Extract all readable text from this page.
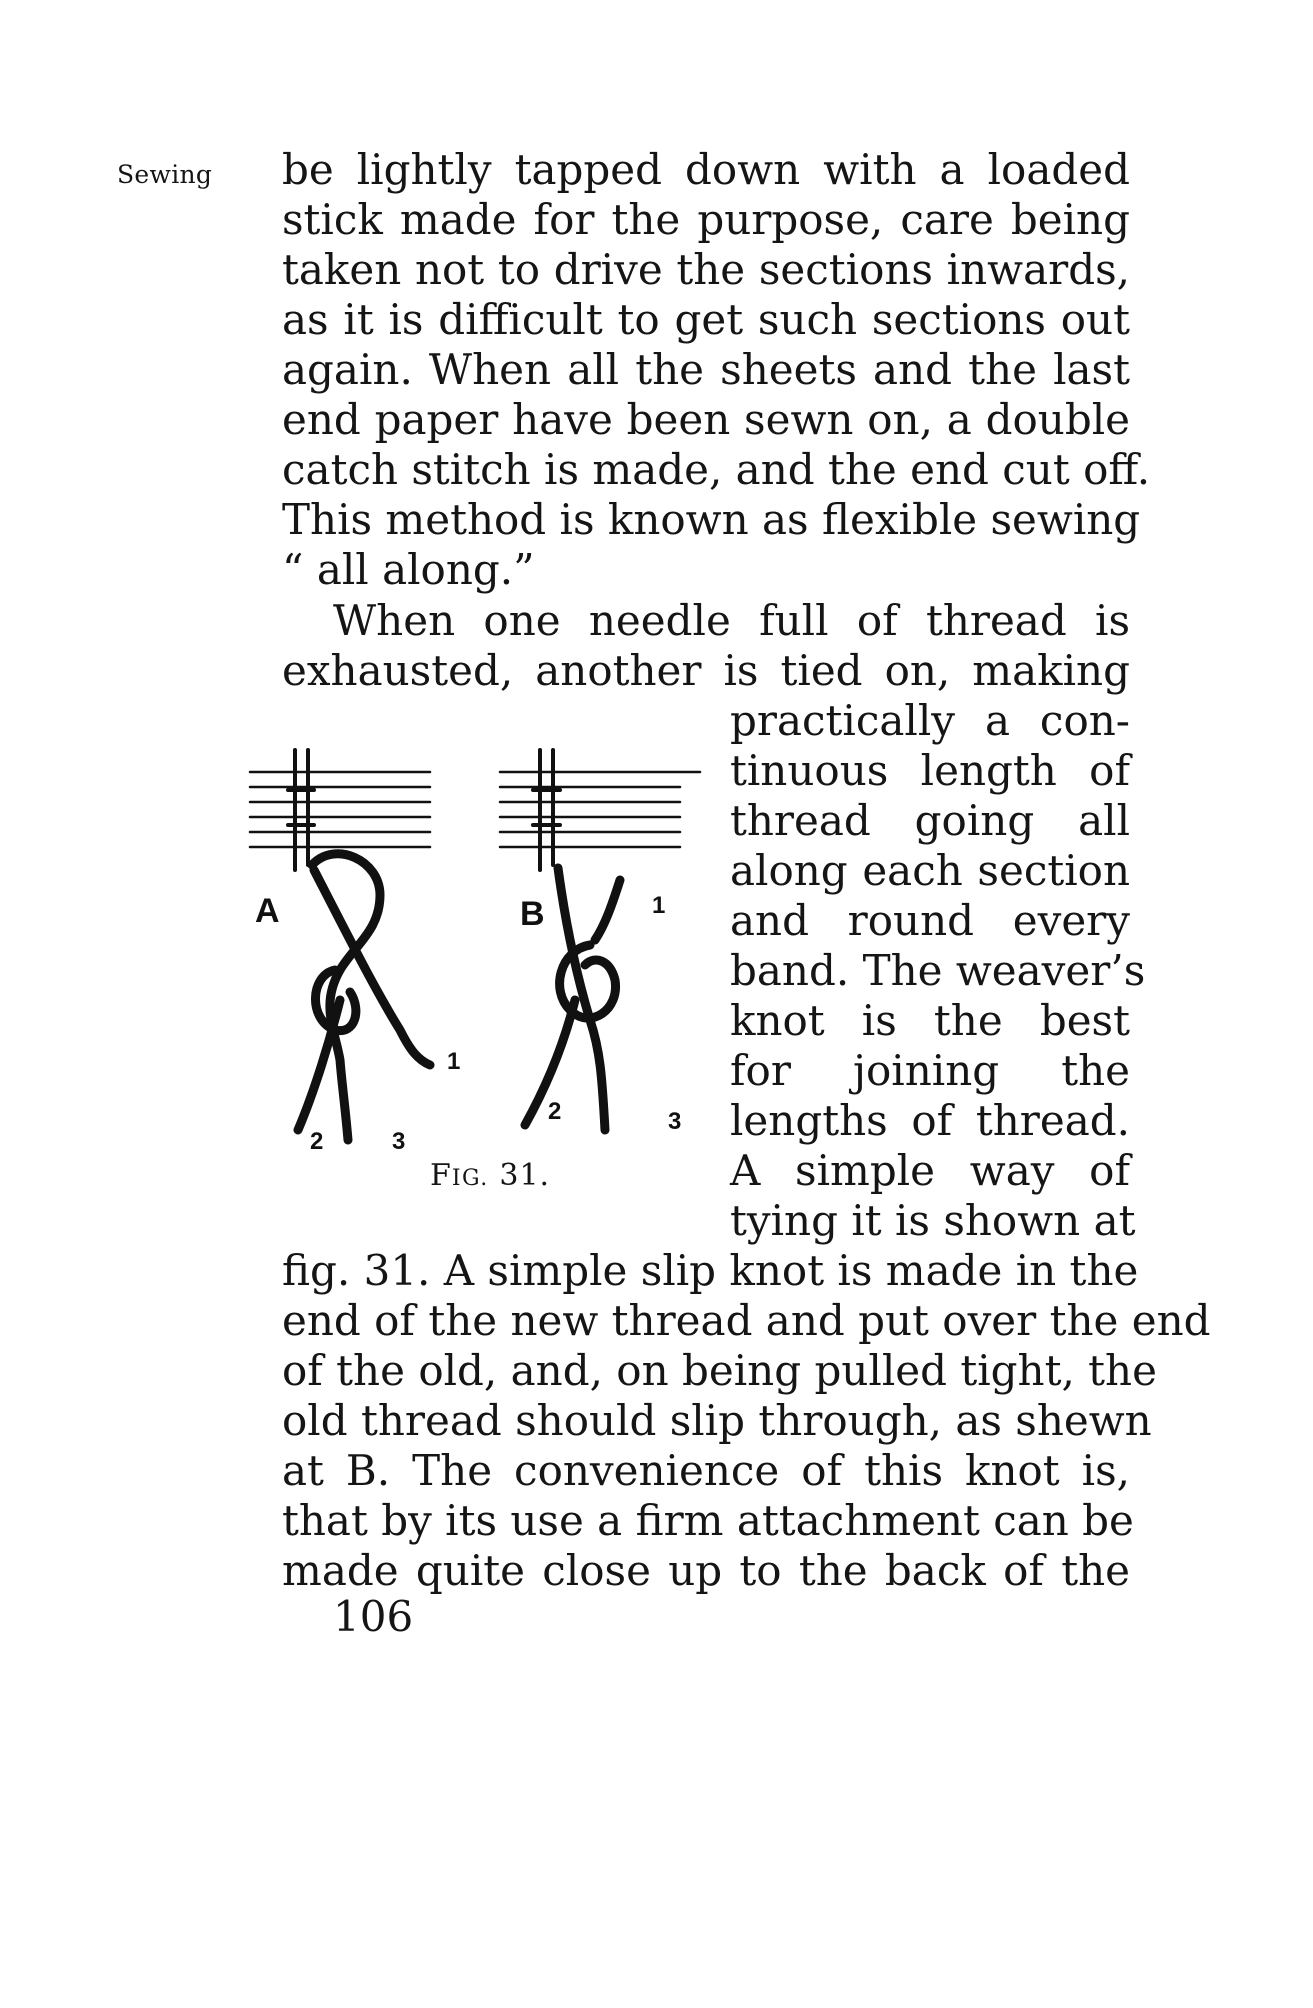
Sewing be lightly tapped down with a loaded
stick made for the purpose, care being
taken not to drive the sections inwards,
as it is difficult to get such sections out
again. When all the sheets and the last
end paper have been sewn on, a double
catch stitch is made, and the end cut off.
This method is known as flexible sewing
“ all along.”
When one needle full of thread is
exhausted, another is tied on, making
practically a con-
tinuous length of
thread going all
along each section
and round every
band. The weaver’s
knot is the best
for joining the
lengths of thread.
A simple way of
tying it is shown at
fig. 31. A simple slip knot is made in the
end of the new thread and put over the end
of the old, and, on being pulled tight, the
old thread should slip through, as shewn
at B. The convenience of this knot is,
that by its use a firm attachment can be
made quite close up to the back of the
106
A
1
2	3
B	1
2	3
FIG. 31.
